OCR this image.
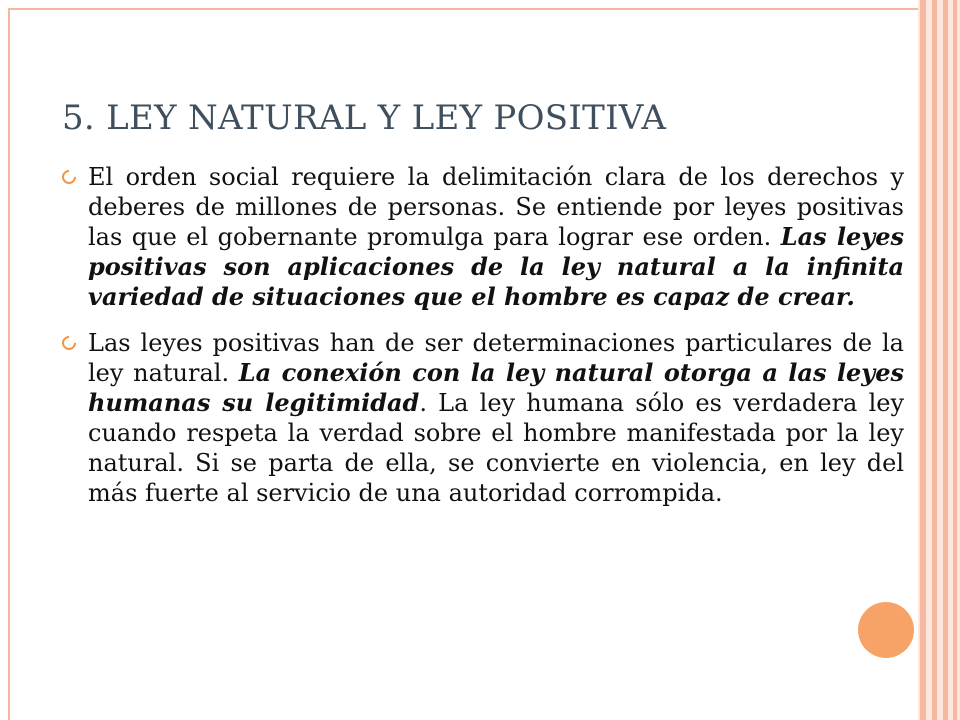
5. LEY NATURAL Y LEY POSITIVA
El orden social requiere la delimitación clara de los derechos y deberes de millones de personas. Se entiende por leyes positivas las que el gobernante promulga para lograr ese orden. Las leyes positivas son aplicaciones de la ley natural a la infinita variedad de situaciones que el hombre es capaz de crear.
Las leyes positivas han de ser determinaciones particulares de la ley natural. La conexión con la ley natural otorga a las leyes humanas su legitimidad. La ley humana sólo es verdadera ley cuando respeta la verdad sobre el hombre manifestada por la ley natural. Si se parta de ella, se convierte en violencia, en ley del más fuerte al servicio de una autoridad corrompida.
